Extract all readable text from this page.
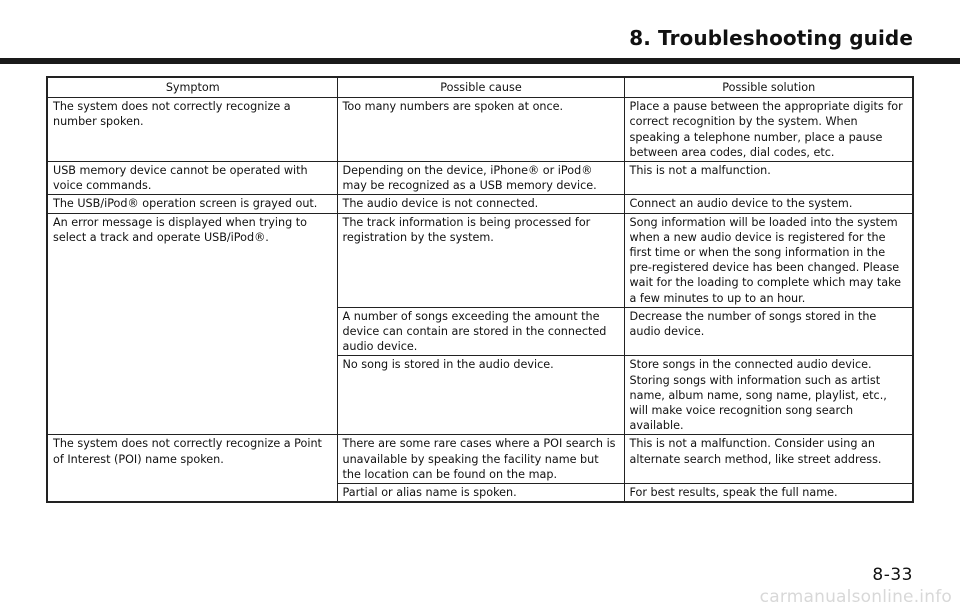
8. Troubleshooting guide
Symptom	Possible cause	Possible solution
The system does not correctly recognize a number spoken.	Too many numbers are spoken at once.	Place a pause between the appropriate digits for correct recognition by the system. When speaking a telephone number, place a pause between area codes, dial codes, etc.
USB memory device cannot be operated with voice commands.	Depending on the device, iPhone® or iPod® may be recognized as a USB memory device.	This is not a malfunction.
The USB/iPod® operation screen is grayed out.	The audio device is not connected.	Connect an audio device to the system.
An error message is displayed when trying to select a track and operate USB/iPod®.	The track information is being processed for registration by the system.	Song information will be loaded into the system when a new audio device is registered for the first time or when the song information in the pre-registered device has been changed. Please wait for the loading to complete which may take a few minutes to up to an hour.
	A number of songs exceeding the amount the device can contain are stored in the connected audio device.	Decrease the number of songs stored in the audio device.
	No song is stored in the audio device.	Store songs in the connected audio device. Storing songs with information such as artist name, album name, song name, playlist, etc., will make voice recognition song search available.
The system does not correctly recognize a Point of Interest (POI) name spoken.	There are some rare cases where a POI search is unavailable by speaking the facility name but the location can be found on the map.	This is not a malfunction. Consider using an alternate search method, like street address.
	Partial or alias name is spoken.	For best results, speak the full name.
8-33
carmanualsonline.info
